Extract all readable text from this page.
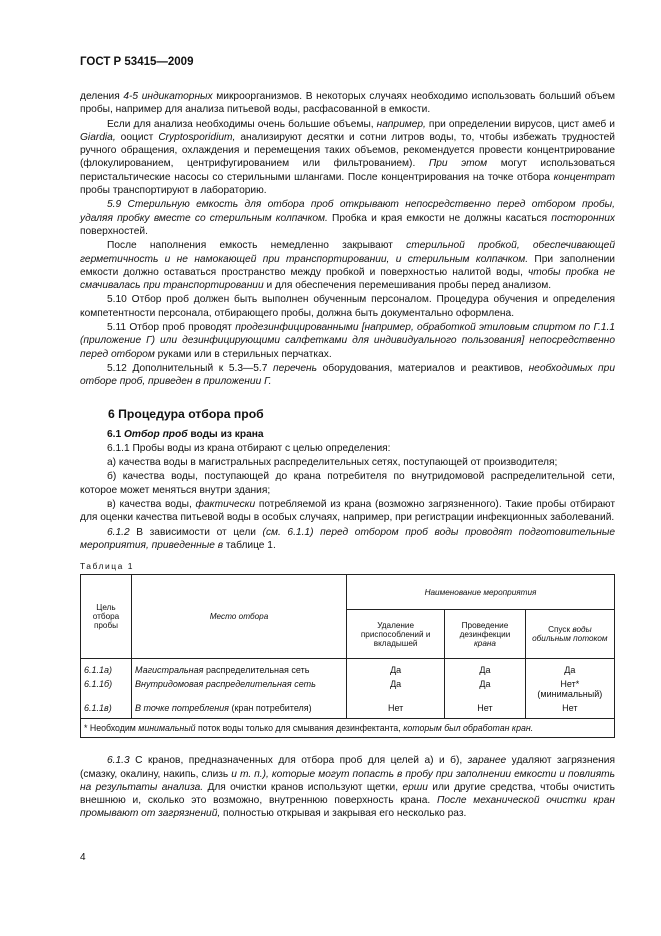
ГОСТ Р 53415—2009

деления 4-5 индикаторных микроорганизмов. В некоторых случаях необходимо использовать больший объем пробы, например для анализа питьевой воды, расфасованной в емкости.

Если для анализа необходимы очень большие объемы, например, при определении вирусов, цист амеб и Giardia, ооцист Cryptosporidium, анализируют десятки и сотни литров воды, то, чтобы избежать трудностей ручного обращения, охлаждения и перемещения таких объемов, рекомендуется провести концентрирование (флокулированием, центрифугированием или фильтрованием). При этом могут использоваться перистальтические насосы со стерильными шлангами. После концентрирования на точке отбора концентрат пробы транспортируют в лабораторию.

5.9 Стерильную емкость для отбора проб открывают непосредственно перед отбором пробы, удаляя пробку вместе со стерильным колпачком. Пробка и края емкости не должны касаться посторонних поверхностей.

После наполнения емкость немедленно закрывают стерильной пробкой, обеспечивающей герметичность и не намокающей при транспортировании, и стерильным колпачком. При заполнении емкости должно оставаться пространство между пробкой и поверхностью налитой воды, чтобы пробка не смачивалась при транспортировании и для обеспечения перемешивания пробы перед анализом.

5.10 Отбор проб должен быть выполнен обученным персоналом. Процедура обучения и определения компетентности персонала, отбирающего пробы, должна быть документально оформлена.

5.11 Отбор проб проводят продезинфицированными [например, обработкой этиловым спиртом по Г.1.1 (приложение Г) или дезинфицирующими салфетками для индивидуального пользования] непосредственно перед отбором руками или в стерильных перчатках.

5.12 Дополнительный к 5.3—5.7 перечень оборудования, материалов и реактивов, необходимых при отборе проб, приведен в приложении Г.

6 Процедура отбора проб

6.1 Отбор проб воды из крана

6.1.1 Пробы воды из крана отбирают с целью определения:

а) качества воды в магистральных распределительных сетях, поступающей от производителя;

б) качества воды, поступающей до крана потребителя по внутридомовой распределительной сети, которое может меняться внутри здания;

в) качества воды, фактически потребляемой из крана (возможно загрязненного). Такие пробы отбирают для оценки качества питьевой воды в особых случаях, например, при регистрации инфекционных заболеваний.

6.1.2 В зависимости от цели (см. 6.1.1) перед отбором проб воды проводят подготовительные мероприятия, приведенные в таблице 1.

Таблица 1
Цель отбора пробы	Место отбора	Наименование мероприятия		
		Удаление приспособлений и вкладышей	Проведение дезинфекции крана	Спуск воды обильным потоком
6.1.1а)	Магистральная распределительная сеть	Да	Да	Да
6.1.1б)	Внутридомовая распределительная сеть	Да	Да	Нет* (минимальный)
6.1.1в)	В точке потребления (кран потребителя)	Нет	Нет	Нет
* Необходим минимальный поток воды только для смывания дезинфектанта, которым был обработан кран.				

6.1.3 С кранов, предназначенных для отбора проб для целей а) и б), заранее удаляют загрязнения (смазку, окалину, накипь, слизь и т. п.), которые могут попасть в пробу при заполнении емкости и повлиять на результаты анализа. Для очистки кранов используют щетки, ерши или другие средства, чтобы очистить внешнюю и, сколько это возможно, внутреннюю поверхность крана. После механической очистки кран промывают от загрязнений, полностью открывая и закрывая его несколько раз.

4
